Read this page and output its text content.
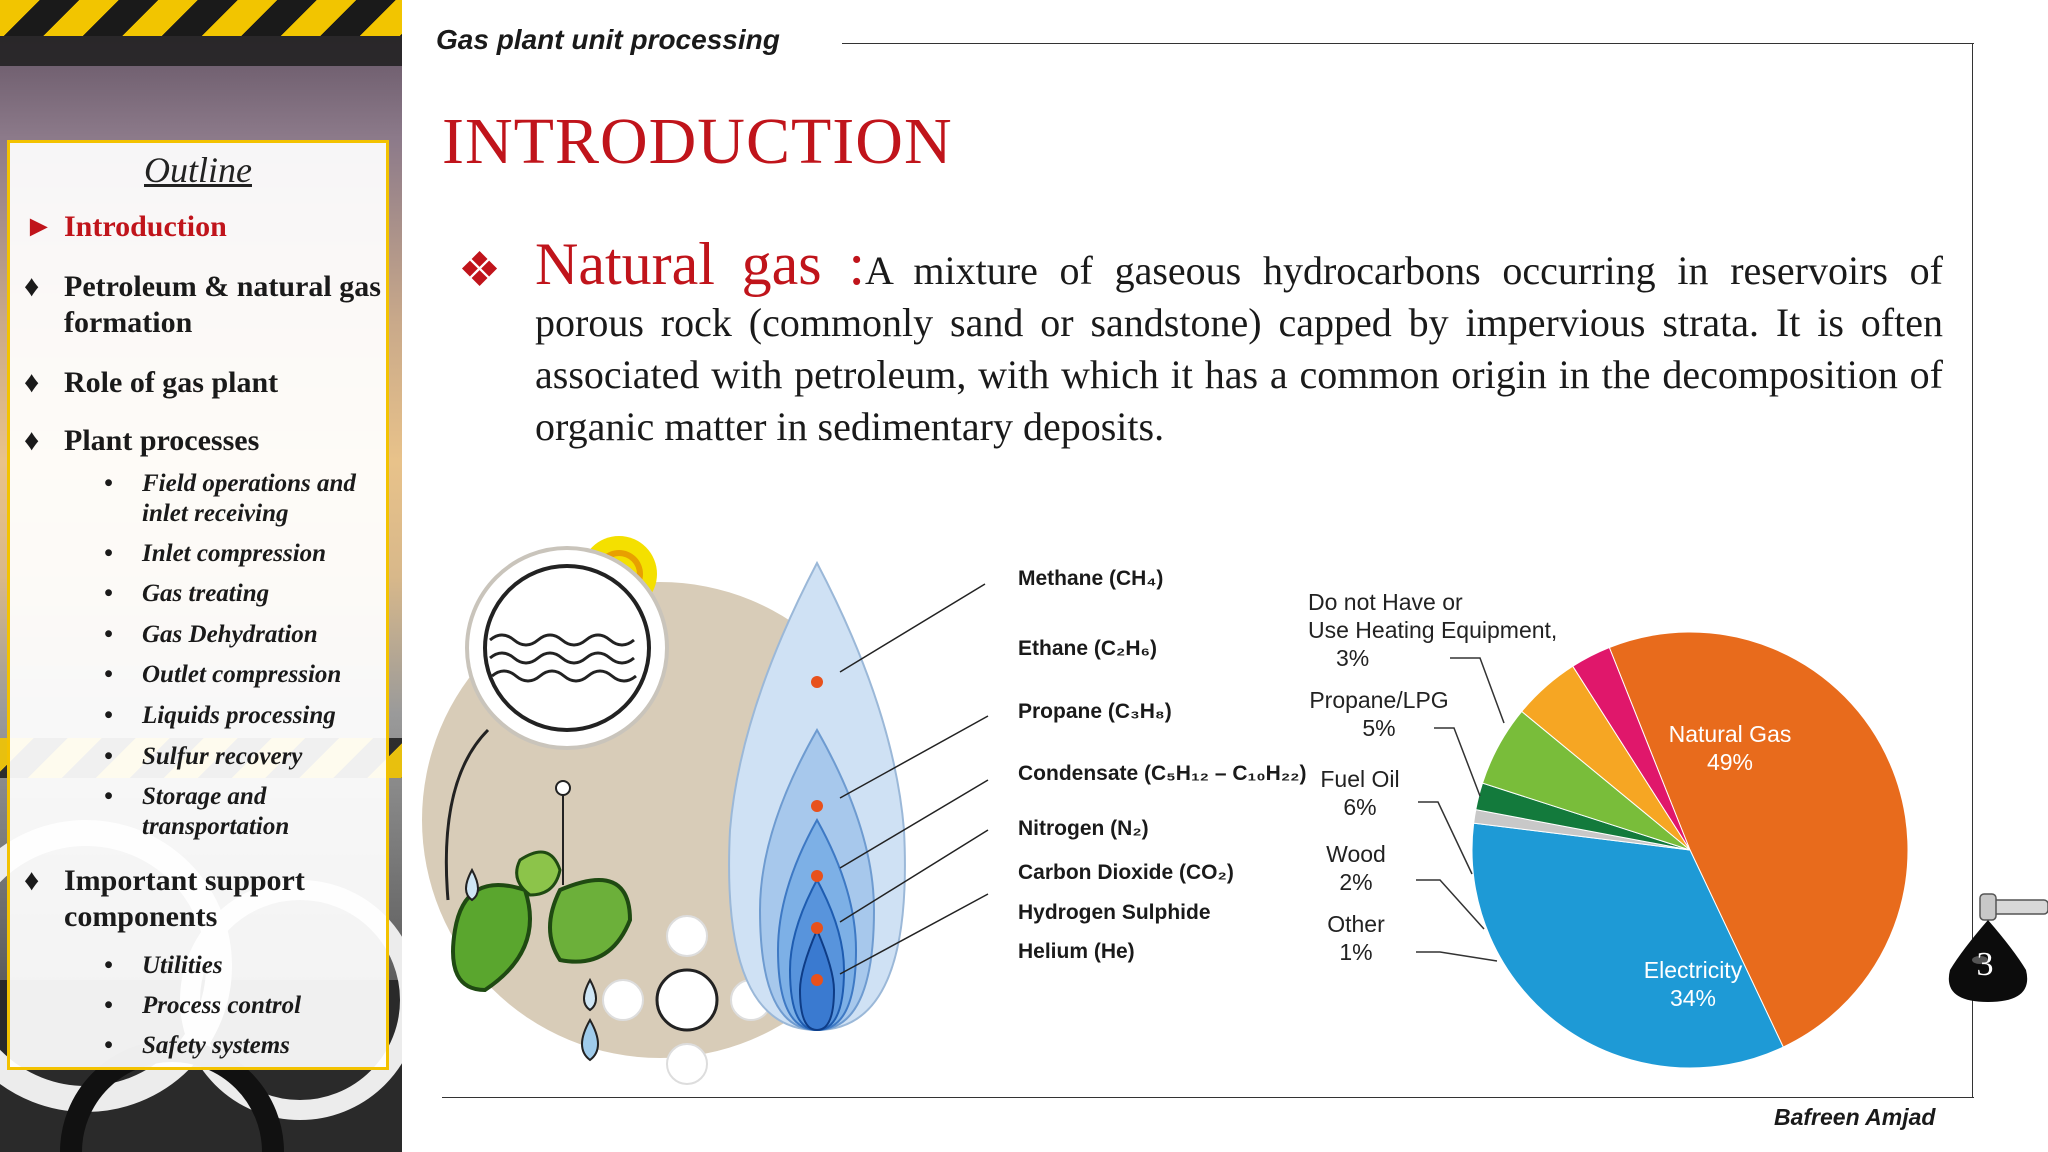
Outline
► Introduction
♦ Petroleum & natural gas formation
♦ Role of gas plant
♦ Plant processes
• Field operations and inlet receiving
• Inlet compression
• Gas treating
• Gas Dehydration
• Outlet compression
• Liquids processing
• Sulfur recovery
• Storage and transportation
♦ Important support components
• Utilities
• Process control
• Safety systems
Gas plant unit processing
INTRODUCTION
❖ Natural gas :A mixture of gaseous hydrocarbons occurring in reservoirs of porous rock (commonly sand or sandstone) capped by impervious strata. It is often associated with petroleum, with which it has a common origin in the decomposition of organic matter in sedimentary deposits.
Methane (CH₄)
Ethane (C₂H₆)
Propane (C₃H₈)
Condensate (C₅H₁₂ – C₁₀H₂₂)
Nitrogen (N₂)
Carbon Dioxide (CO₂)
Hydrogen Sulphide
Helium (He)
Do not Have or
Use Heating Equipment,
3%
Propane/LPG
5%
Fuel Oil
6%
Wood
2%
Other
1%
Natural Gas
49%
Electricity
34%
3
Bafreen Amjad
